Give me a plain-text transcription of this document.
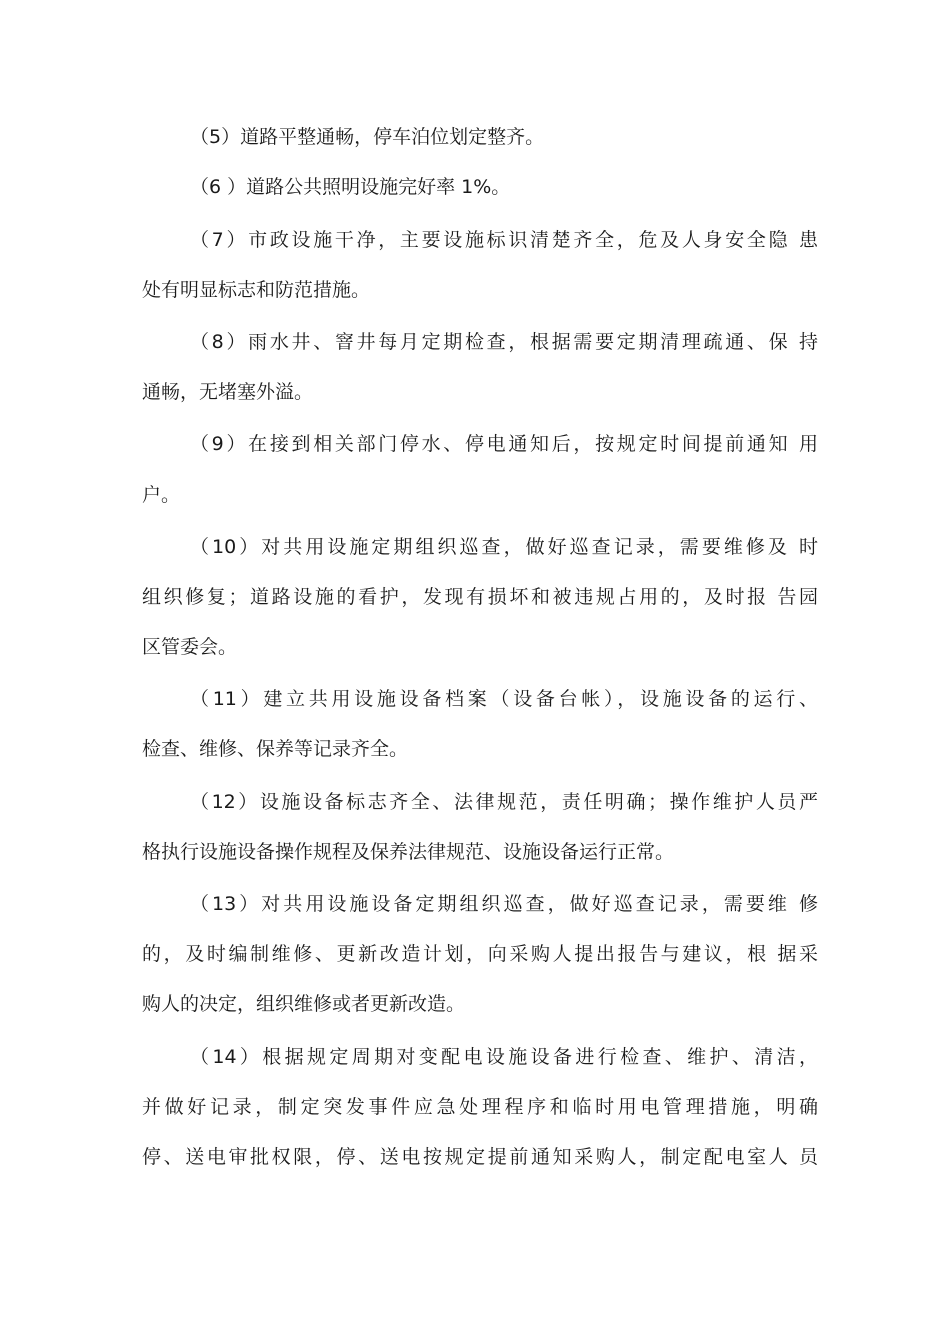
（5）道路平整通畅，停车泊位划定整齐。
（6 ）道路公共照明设施完好率 1%。
（7）市政设施干净，主要设施标识清楚齐全，危及人身安全隐 患
处有明显标志和防范措施。
（8）雨水井、窨井每月定期检查，根据需要定期清理疏通、保 持
通畅，无堵塞外溢。
（9）在接到相关部门停水、停电通知后，按规定时间提前通知 用
户。
（10）对共用设施定期组织巡查，做好巡查记录，需要维修及 时
组织修复；道路设施的看护，发现有损坏和被违规占用的，及时报 告园
区管委会。
（11）建立共用设施设备档案（设备台帐），设施设备的运行、
检查、维修、保养等记录齐全。
（12）设施设备标志齐全、法律规范，责任明确；操作维护人员严
格执行设施设备操作规程及保养法律规范、设施设备运行正常。
（13）对共用设施设备定期组织巡查，做好巡查记录，需要维 修
的，及时编制维修、更新改造计划，向采购人提出报告与建议，根 据采
购人的决定，组织维修或者更新改造。
（14）根据规定周期对变配电设施设备进行检查、维护、清洁，
并做好记录，制定突发事件应急处理程序和临时用电管理措施，明确
停、送电审批权限，停、送电按规定提前通知采购人，制定配电室人 员
